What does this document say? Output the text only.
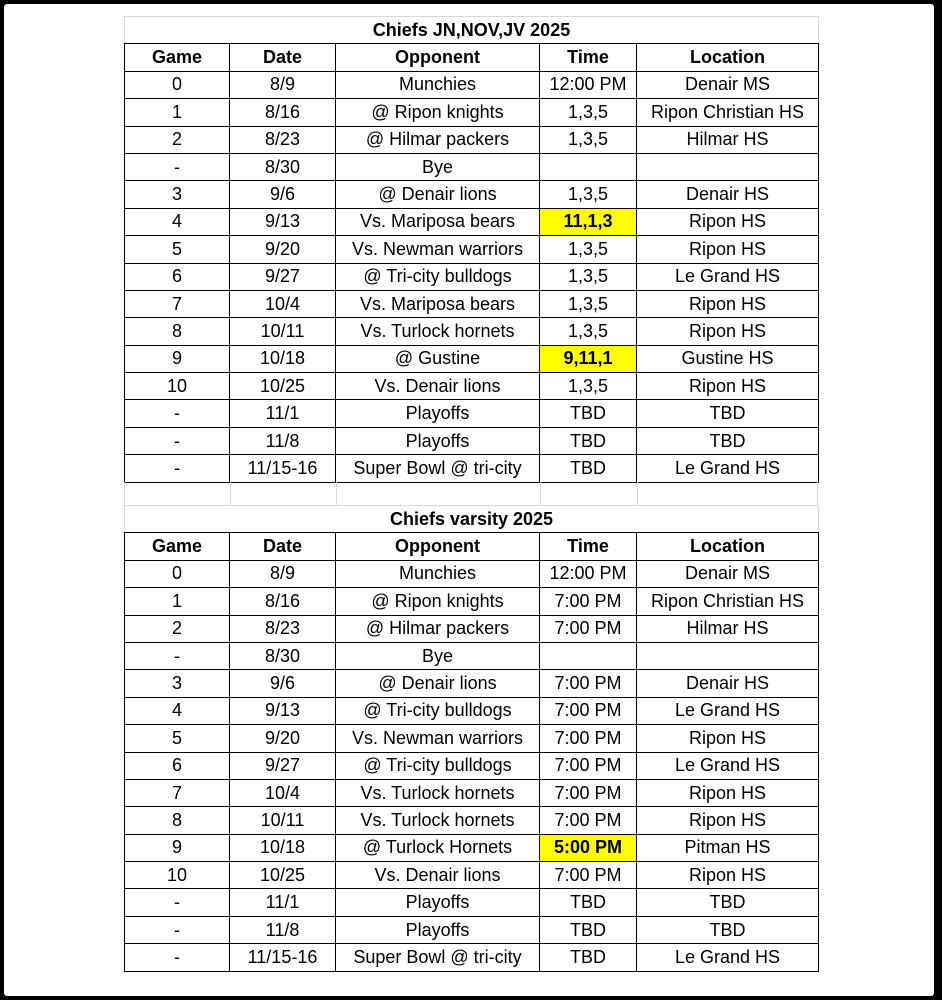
Chiefs JN,NOV,JV 2025				
Game	Date	Opponent	Time	Location
0	8/9	Munchies	12:00 PM	Denair MS
1	8/16	@ Ripon knights	1,3,5	Ripon Christian HS
2	8/23	@ Hilmar packers	1,3,5	Hilmar HS
-	8/30	Bye		
3	9/6	@ Denair lions	1,3,5	Denair HS
4	9/13	Vs. Mariposa bears	11,1,3	Ripon HS
5	9/20	Vs. Newman warriors	1,3,5	Ripon HS
6	9/27	@ Tri-city bulldogs	1,3,5	Le Grand HS
7	10/4	Vs. Mariposa bears	1,3,5	Ripon HS
8	10/11	Vs. Turlock hornets	1,3,5	Ripon HS
9	10/18	@ Gustine	9,11,1	Gustine HS
10	10/25	Vs. Denair lions	1,3,5	Ripon HS
-	11/1	Playoffs	TBD	TBD
-	11/8	Playoffs	TBD	TBD
-	11/15-16	Super Bowl @ tri-city	TBD	Le Grand HS
Chiefs varsity 2025				
Game	Date	Opponent	Time	Location
0	8/9	Munchies	12:00 PM	Denair MS
1	8/16	@ Ripon knights	7:00 PM	Ripon Christian HS
2	8/23	@ Hilmar packers	7:00 PM	Hilmar HS
-	8/30	Bye		
3	9/6	@ Denair lions	7:00 PM	Denair HS
4	9/13	@ Tri-city bulldogs	7:00 PM	Le Grand HS
5	9/20	Vs. Newman warriors	7:00 PM	Ripon HS
6	9/27	@ Tri-city bulldogs	7:00 PM	Le Grand HS
7	10/4	Vs. Turlock hornets	7:00 PM	Ripon HS
8	10/11	Vs. Turlock hornets	7:00 PM	Ripon HS
9	10/18	@ Turlock Hornets	5:00 PM	Pitman HS
10	10/25	Vs. Denair lions	7:00 PM	Ripon HS
-	11/1	Playoffs	TBD	TBD
-	11/8	Playoffs	TBD	TBD
-	11/15-16	Super Bowl @ tri-city	TBD	Le Grand HS
